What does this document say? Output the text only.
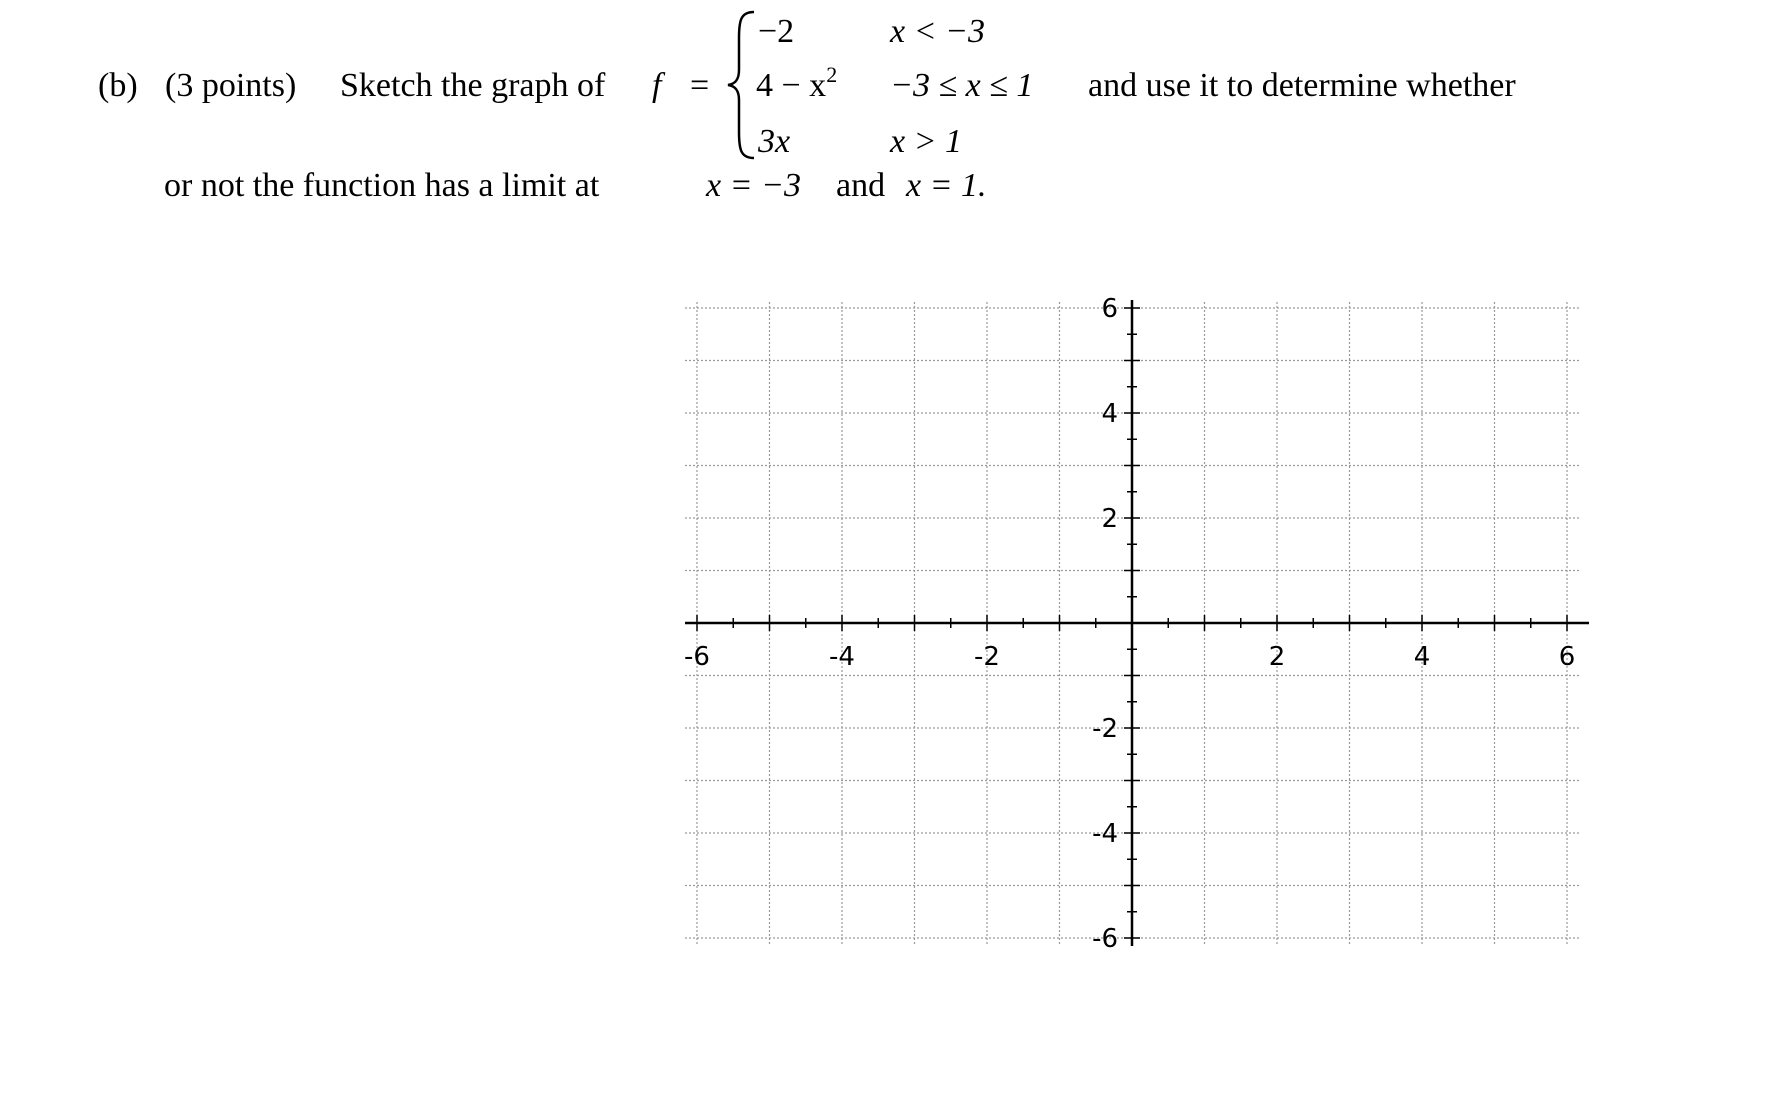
(b) (3 points) Sketch the graph of f =
−2	x < −3
$4 - x^2 -3 \le x \le 1$
3x	x > 1
and use it to determine whether
or not the function has a limit at	x = −3 and x = 1.
-6	-4	-2	2	4	6
6
4
2
-2
-4
-6
